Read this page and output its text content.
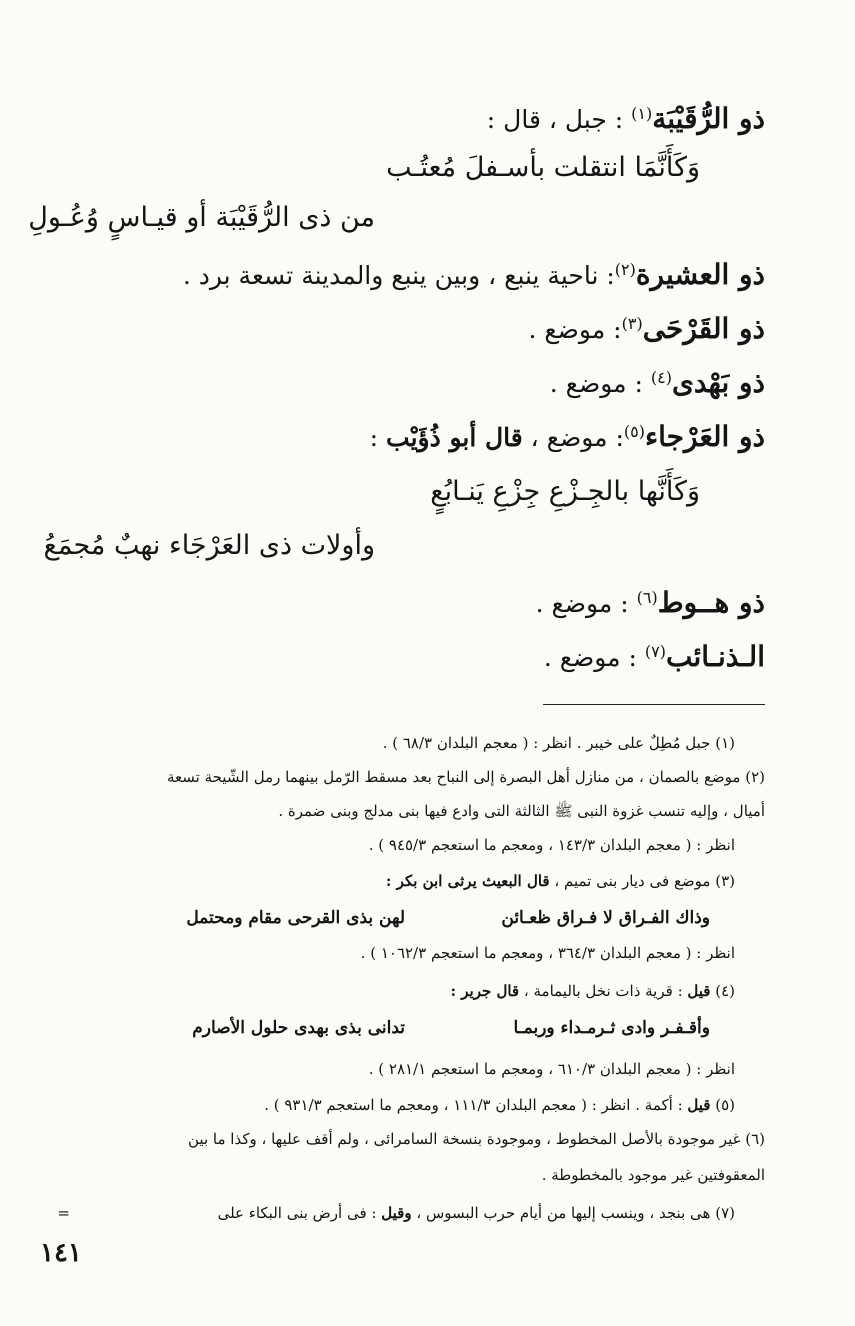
ذو الرُّقَيْبَة$^{(١)}$ : جبل ، قال :

وَكَأَنَّمَا انتقلت بأسـفلَ مُعتُـب

من ذى الرُّقَيْبَة أو قيـاسٍ وُعُـولِ

ذو العشيرة$^{(٢)}$: ناحية ينبع ، وبين ينبع والمدينة تسعة برد .

ذو القَرْحَى$^{(٣)}$: موضع .

ذو بَهْدى$^{(٤)}$ : موضع .

ذو العَرْجاء$^{(٥)}$: موضع ، قال أبو ذُؤَيْب :

وَكَأَنَّها بالجِـزْعِ جِزْعِ يَنـابُعٍ

وأولات ذى العَرْجَاء نهبٌ مُجمَعُ

ذو هــوط$^{(٦)}$ : موضع .

الـذنـائب$^{(٧)}$ : موضع .

(١) جبل مُطِلٌ على خيبر . انظر : ( معجم البلدان ٦٨/٣ ) .

(٢) موضع بالصمان ، من منازل أهل البصرة إلى النباح بعد مسقط الرّمل بينهما رمل الشّيحة تسعة

أميال ، وإليه تنسب غزوة النبى ﷺ الثالثة التى وادع فيها بنى مدلج وبنى ضمرة .

انظر : ( معجم البلدان ١٤٣/٣ ، ومعجم ما استعجم ٩٤٥/٣ ) .

(٣) موضع فى ديار بنى تميم ، قال البعيث يرثى ابن بكر :

وذاك الفـراق لا فـراق ظعـائن

لهن بذى القرحى مقام ومحتمل

انظر : ( معجم البلدان ٣٦٤/٣ ، ومعجم ما استعجم ١٠٦٢/٣ ) .

(٤) قيل : قرية ذات نخل باليمامة ، قال جرير :

وأقـفـر وادى ثـرمـداء وربمـا

تدانى بذى بهدى حلول الأصارم

انظر : ( معجم البلدان ٦١٠/٣ ، ومعجم ما استعجم ٢٨١/١ ) .

(٥) قيل : أكمة . انظر : ( معجم البلدان ١١١/٣ ، ومعجم ما استعجم ٩٣١/٣ ) .

(٦) غير موجودة بالأصل المخطوط ، وموجودة بنسخة السامرائى ، ولم أقف عليها ، وكذا ما بين

المعقوفتين غير موجود بالمخطوطة .

(٧) هى بنجد ، وينسب إليها من أيام حرب البسوس ، وقيل : فى أرض بنى البكاء على

=

١٤١
